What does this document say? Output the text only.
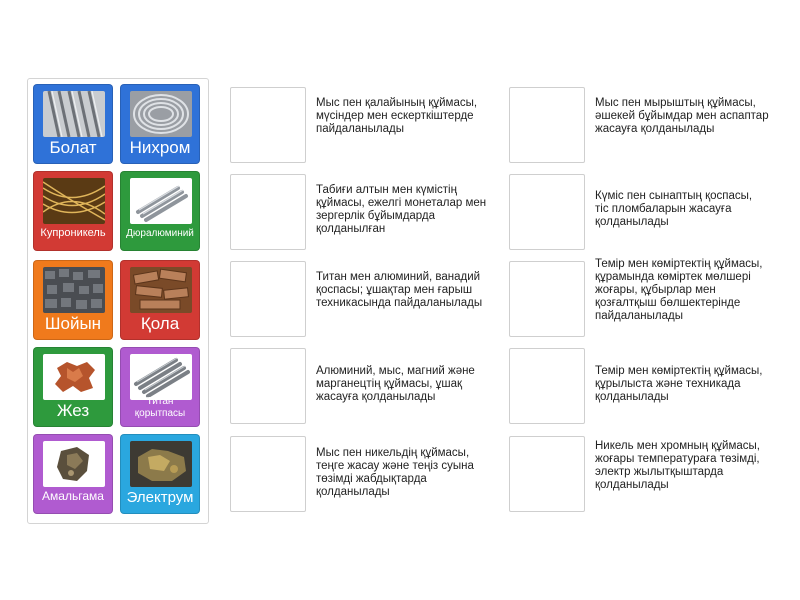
Болат	Нихром
Купроникель	Дюралюминий
Шойын	Қола
Жез	Титан қорытпасы
Амальгама	Электрум
Мыс пен қалайының құймасы, мүсіндер мен ескерткіштерде пайдаланылады
Табиғи алтын мен күмістің құймасы, ежелгі монеталар мен зергерлік бұйымдарда қолданылған
Титан мен алюминий, ванадий қоспасы; ұшақтар мен ғарыш техникасында пайдаланылады
Алюминий, мыс, магний және марганецтің құймасы, ұшақ жасауға қолданылады
Мыс пен никельдің құймасы, теңге жасау және теңіз суына төзімді жабдықтарда қолданылады
Мыс пен мырыштың құймасы, әшекей бұйымдар мен аспаптар жасауға қолданылады
Күміс пен сынаптың қоспасы, тіс пломбаларын жасауға қолданылады
Темір мен көміртектің құймасы, құрамында көміртек мөлшері жоғары, құбырлар мен қозғалтқыш бөлшектерінде пайдаланылады
Темір мен көміртектің құймасы, құрылыста және техникада қолданылады
Никель мен хромның құймасы, жоғары температураға төзімді, электр жылытқыштарда қолданылады
